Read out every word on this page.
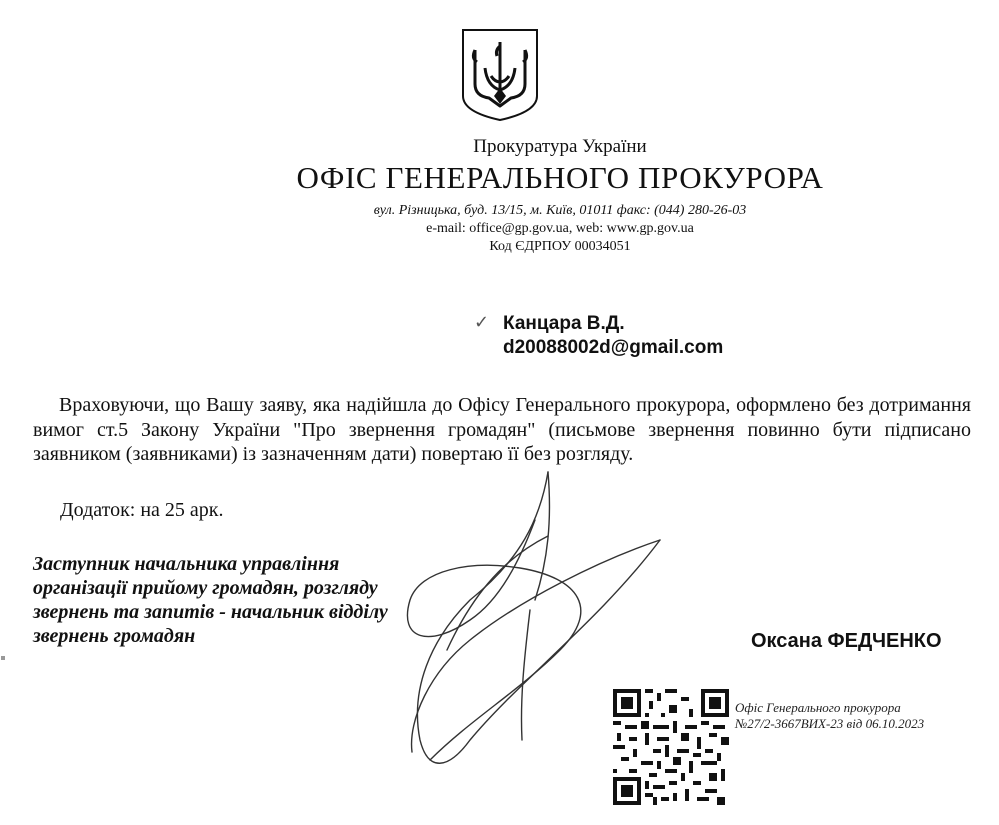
Прокуратура України
ОФІС ГЕНЕРАЛЬНОГО ПРОКУРОРА
вул. Різницька, буд. 13/15, м. Київ, 01011 факс: (044) 280-26-03
e-mail: office@gp.gov.ua, web: www.gp.gov.ua
Код ЄДРПОУ 00034051
✓ Канцара В.Д.
d20088002d@gmail.com
Враховуючи, що Вашу заяву, яка надійшла до Офісу Генерального прокурора, оформлено без дотримання вимог ст.5 Закону України "Про звернення громадян" (письмове звернення повинно бути підписано заявником (заявниками) із зазначенням дати) повертаю її без розгляду.
Додаток: на 25 арк.
Заступник начальника управління
організації прийому громадян, розгляду
звернень та запитів - начальник відділу
звернень громадян	Оксана ФЕДЧЕНКО
Офіс Генерального прокурора
№27/2-3667ВИХ-23 від 06.10.2023
